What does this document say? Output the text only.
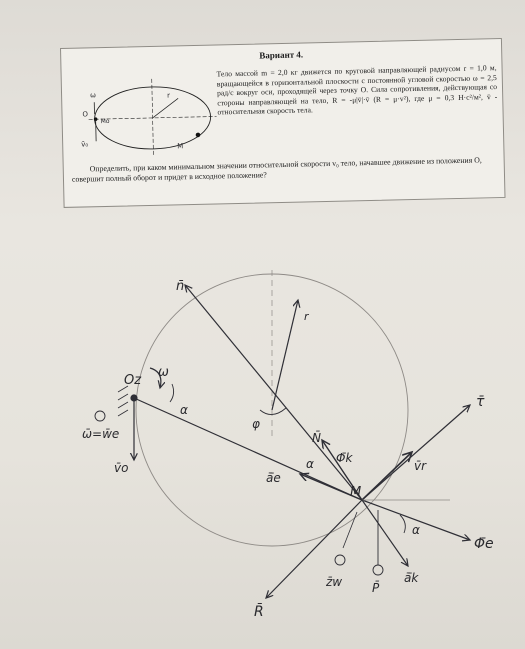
Вариант 4.
ω
O
Mo
v̄₀
r
M
Тело массой m = 2,0 кг движется по круговой направляющей радиусом r = 1,0 м, вращающейся в горизонтальной плоскости с постоянной угловой скоростью ω = 2,5 рад/с вокруг оси, проходящей через точку O. Сила сопротивления, действующая со стороны направляющей на тело, R = -μ|v̄|·v̄ (R = μ·v²), где μ = 0,3 Н·с²/м², v̄ - относительная скорость тела.
Определить, при каком минимальном значении относительной скорости v₀ тело, начавшее движение из положения O, совершит полный оборот и придет в исходное положение?
n̄
r
Oz
ω
ω̄=w̄e
v̄o
α
φ
N̄
α Φ̄k
ā̄e
τ̄
v̄r
M
α
Φ̄e
z̄w P̄
ā̄k
R̄
